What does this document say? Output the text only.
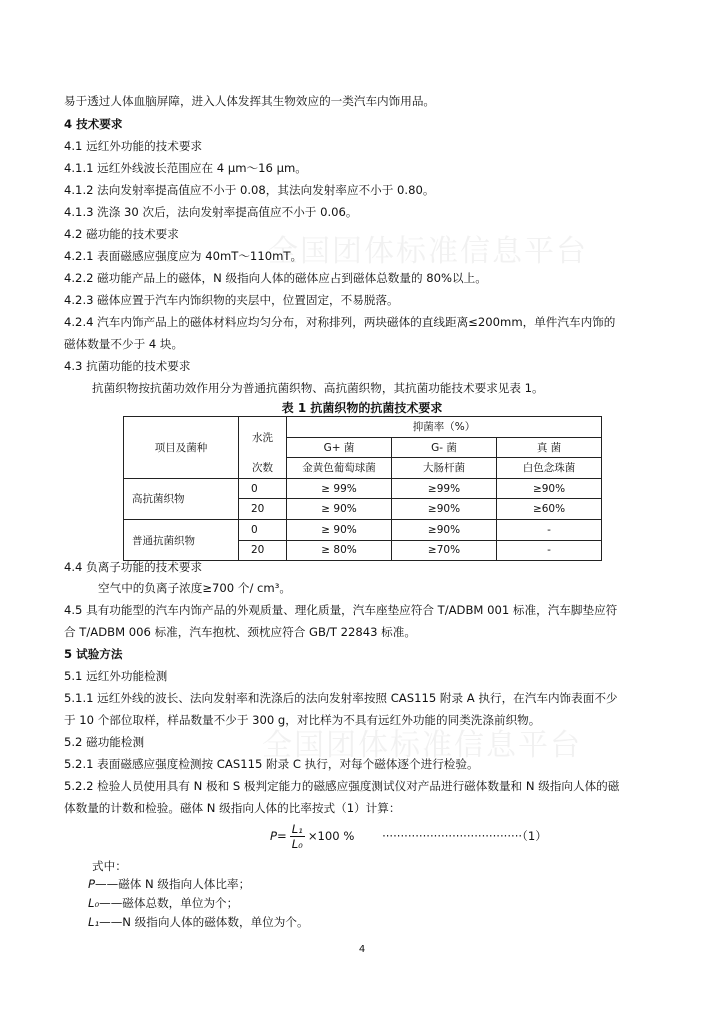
全国团体标准信息平台
全国团体标准信息平台
易于透过人体血脑屏障，进入人体发挥其生物效应的一类汽车内饰用品。
4 技术要求
4.1 远红外功能的技术要求
4.1.1 远红外线波长范围应在 4 μm～16 μm。
4.1.2 法向发射率提高值应不小于 0.08，其法向发射率应不小于 0.80。
4.1.3 洗涤 30 次后，法向发射率提高值应不小于 0.06。
4.2 磁功能的技术要求
4.2.1 表面磁感应强度应为 40mT～110mT。
4.2.2 磁功能产品上的磁体，N 级指向人体的磁体应占到磁体总数量的 80%以上。
4.2.3 磁体应置于汽车内饰织物的夹层中，位置固定，不易脱落。
4.2.4 汽车内饰产品上的磁体材料应均匀分布，对称排列，两块磁体的直线距离≤200mm，单件汽车内饰的
磁体数量不少于 4 块。
4.3 抗菌功能的技术要求
抗菌织物按抗菌功效作用分为普通抗菌织物、高抗菌织物，其抗菌功能技术要求见表 1。
表 1 抗菌织物的抗菌技术要求
项目及菌种	水洗	抑菌率（%）		
		G+ 菌	G- 菌	真 菌
	次数	金黄色葡萄球菌	大肠杆菌	白色念珠菌
高抗菌织物	0	≥ 99%	≥99%	≥90%
	20	≥ 90%	≥90%	≥60%
普通抗菌织物	0	≥ 90%	≥90%	-
	20	≥ 80%	≥70%	-
4.4 负离子功能的技术要求
空气中的负离子浓度≥700 个/ cm³。
4.5 具有功能型的汽车内饰产品的外观质量、理化质量，汽车座垫应符合 T/ADBM 001 标准，汽车脚垫应符
合 T/ADBM 006 标准，汽车抱枕、颈枕应符合 GB/T 22843 标准。
5 试验方法
5.1 远红外功能检测
5.1.1 远红外线的波长、法向发射率和洗涤后的法向发射率按照 CAS115 附录 A 执行，在汽车内饰表面不少
于 10 个部位取样，样品数量不少于 300 g，对比样为不具有远红外功能的同类洗涤前织物。
5.2 磁功能检测
5.2.1 表面磁感应强度检测按 CAS115 附录 C 执行，对每个磁体逐个进行检验。
5.2.2 检验人员使用具有 N 极和 S 极判定能力的磁感应强度测试仪对产品进行磁体数量和 N 级指向人体的磁
体数量的计数和检验。磁体 N 级指向人体的比率按式（1）计算：
$P= \frac{\text{L₁}}{\text{L₀}} \times 100$ % ······································（1）
式中：
P——磁体 N 级指向人体比率；
L₀——磁体总数，单位为个；
L₁——N 级指向人体的磁体数，单位为个。
4
